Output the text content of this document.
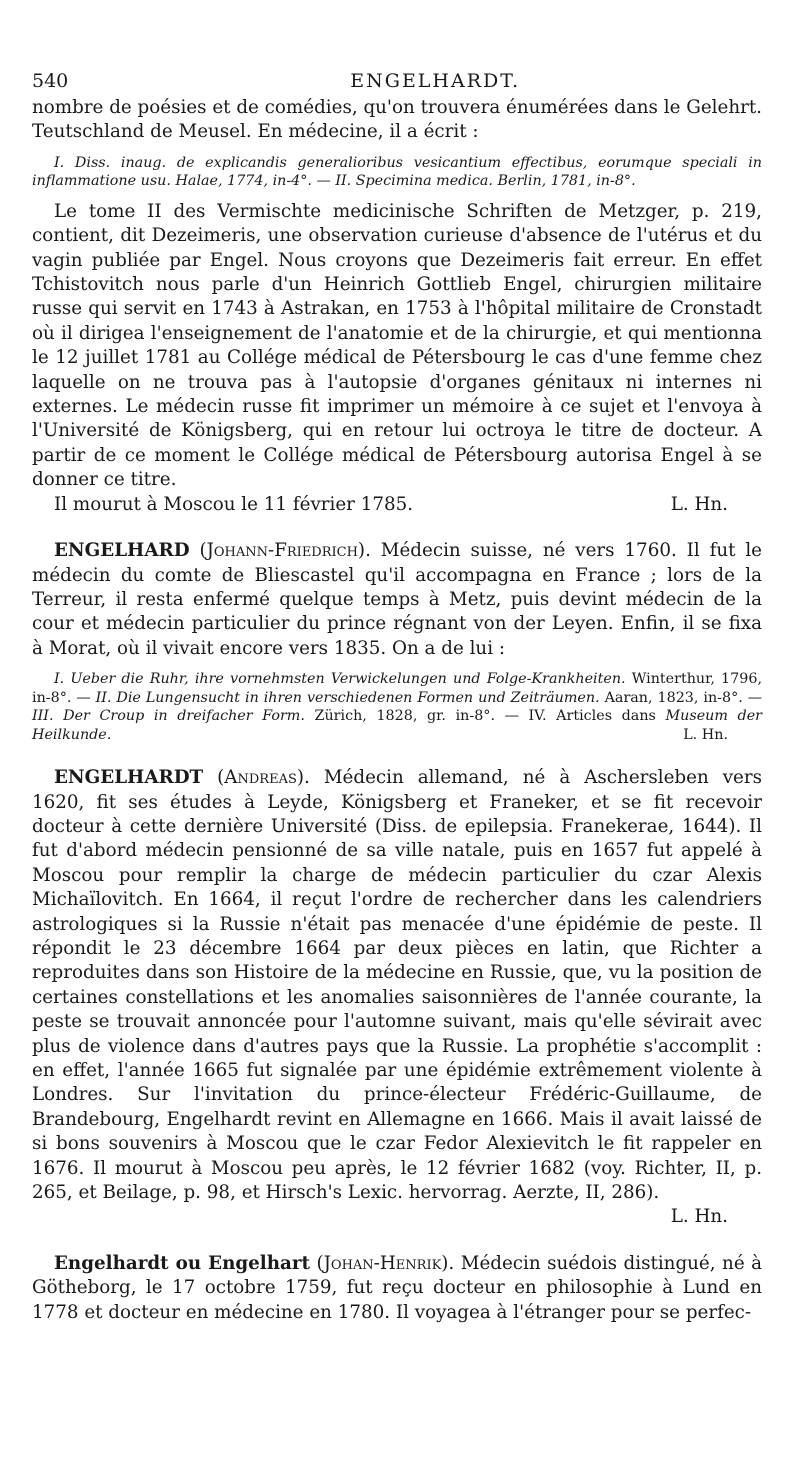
540	ENGELHARDT.

nombre de poésies et de comédies, qu'on trouvera énumérées dans le Gelehrt. Teutschland de Meusel. En médecine, il a écrit :

I. Diss. inaug. de explicandis generalioribus vesicantium effectibus, eorumque speciali in inflammatione usu. Halae, 1774, in-4°. — II. Specimina medica. Berlin, 1781, in-8°.

Le tome II des Vermischte medicinische Schriften de Metzger, p. 219, contient, dit Dezeimeris, une observation curieuse d'absence de l'utérus et du vagin publiée par Engel. Nous croyons que Dezeimeris fait erreur. En effet Tchistovitch nous parle d'un Heinrich Gottlieb Engel, chirurgien militaire russe qui servit en 1743 à Astrakan, en 1753 à l'hôpital militaire de Cronstadt où il dirigea l'enseignement de l'anatomie et de la chirurgie, et qui mentionna le 12 juillet 1781 au Collége médical de Pétersbourg le cas d'une femme chez laquelle on ne trouva pas à l'autopsie d'organes génitaux ni internes ni externes. Le médecin russe fit imprimer un mémoire à ce sujet et l'envoya à l'Université de Königsberg, qui en retour lui octroya le titre de docteur. A partir de ce moment le Collége médical de Pétersbourg autorisa Engel à se donner ce titre.

Il mourut à Moscou le 11 février 1785.	L. Hn.

ENGELHARD (Johann-Friedrich). Médecin suisse, né vers 1760. Il fut le médecin du comte de Bliescastel qu'il accompagna en France ; lors de la Terreur, il resta enfermé quelque temps à Metz, puis devint médecin de la cour et médecin particulier du prince régnant von der Leyen. Enfin, il se fixa à Morat, où il vivait encore vers 1835. On a de lui :

I. Ueber die Ruhr, ihre vornehmsten Verwickelungen und Folge-Krankheiten. Winterthur, 1796, in-8°. — II. Die Lungensucht in ihren verschiedenen Formen und Zeiträumen. Aaran, 1823, in-8°. — III. Der Croup in dreifacher Form. Zürich, 1828, gr. in-8°. — IV. Articles dans Museum der Heilkunde.	L. Hn.

ENGELHARDT (Andreas). Médecin allemand, né à Aschersleben vers 1620, fit ses études à Leyde, Königsberg et Franeker, et se fit recevoir docteur à cette dernière Université (Diss. de epilepsia. Franekerae, 1644). Il fut d'abord médecin pensionné de sa ville natale, puis en 1657 fut appelé à Moscou pour remplir la charge de médecin particulier du czar Alexis Michaïlovitch. En 1664, il reçut l'ordre de rechercher dans les calendriers astrologiques si la Russie n'était pas menacée d'une épidémie de peste. Il répondit le 23 décembre 1664 par deux pièces en latin, que Richter a reproduites dans son Histoire de la médecine en Russie, que, vu la position de certaines constellations et les anomalies saisonnières de l'année courante, la peste se trouvait annoncée pour l'automne suivant, mais qu'elle sévirait avec plus de violence dans d'autres pays que la Russie. La prophétie s'accomplit : en effet, l'année 1665 fut signalée par une épidémie extrêmement violente à Londres. Sur l'invitation du prince-électeur Frédéric-Guillaume, de Brandebourg, Engelhardt revint en Allemagne en 1666. Mais il avait laissé de si bons souvenirs à Moscou que le czar Fedor Alexievitch le fit rappeler en 1676. Il mourut à Moscou peu après, le 12 février 1682 (voy. Richter, II, p. 265, et Beilage, p. 98, et Hirsch's Lexic. hervorrag. Aerzte, II, 286).
L. Hn.

Engelhardt ou Engelhart (Johan-Henrik). Médecin suédois distingué, né à Götheborg, le 17 octobre 1759, fut reçu docteur en philosophie à Lund en 1778 et docteur en médecine en 1780. Il voyagea à l'étranger pour se perfec-
